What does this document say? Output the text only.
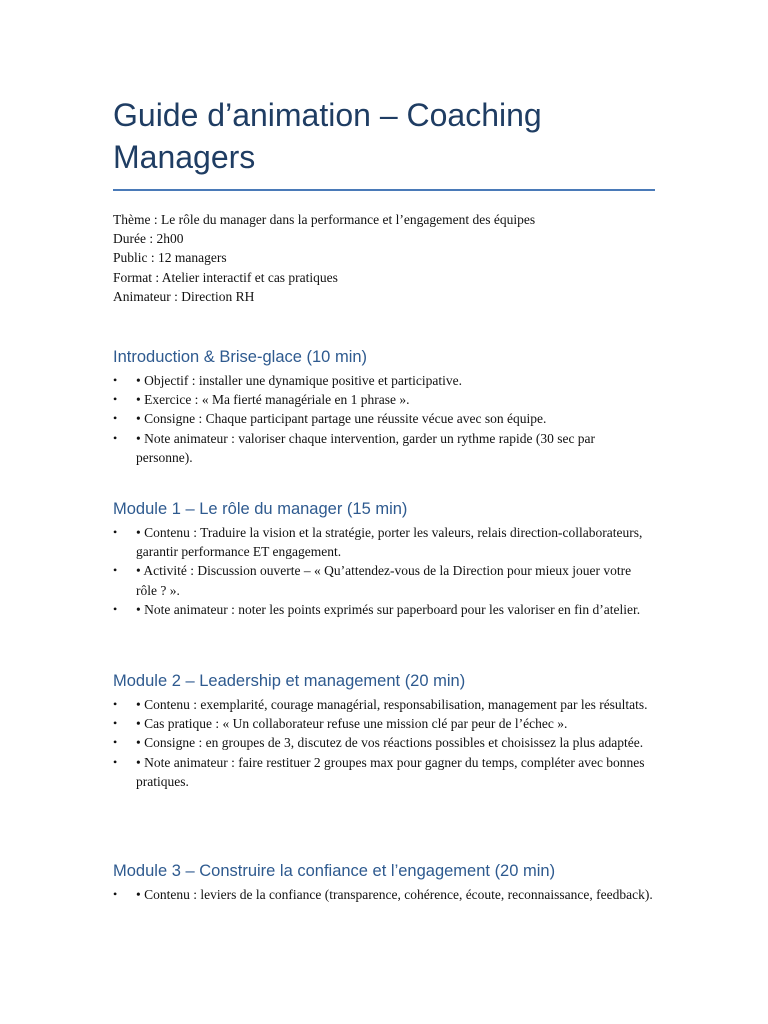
Guide d’animation – Coaching Managers
Thème : Le rôle du manager dans la performance et l’engagement des équipes
Durée : 2h00
Public : 12 managers
Format : Atelier interactif et cas pratiques
Animateur : Direction RH
Introduction & Brise-glace (10 min)
• • Objectif : installer une dynamique positive et participative.
• • Exercice : « Ma fierté managériale en 1 phrase ».
• • Consigne : Chaque participant partage une réussite vécue avec son équipe.
• • Note animateur : valoriser chaque intervention, garder un rythme rapide (30 sec par personne).
Module 1 – Le rôle du manager (15 min)
• • Contenu : Traduire la vision et la stratégie, porter les valeurs, relais direction-collaborateurs, garantir performance ET engagement.
• • Activité : Discussion ouverte – « Qu’attendez-vous de la Direction pour mieux jouer votre rôle ? ».
• • Note animateur : noter les points exprimés sur paperboard pour les valoriser en fin d’atelier.
Module 2 – Leadership et management (20 min)
• • Contenu : exemplarité, courage managérial, responsabilisation, management par les résultats.
• • Cas pratique : « Un collaborateur refuse une mission clé par peur de l’échec ».
• • Consigne : en groupes de 3, discutez de vos réactions possibles et choisissez la plus adaptée.
• • Note animateur : faire restituer 2 groupes max pour gagner du temps, compléter avec bonnes pratiques.
Module 3 – Construire la confiance et l’engagement (20 min)
• • Contenu : leviers de la confiance (transparence, cohérence, écoute, reconnaissance, feedback).
